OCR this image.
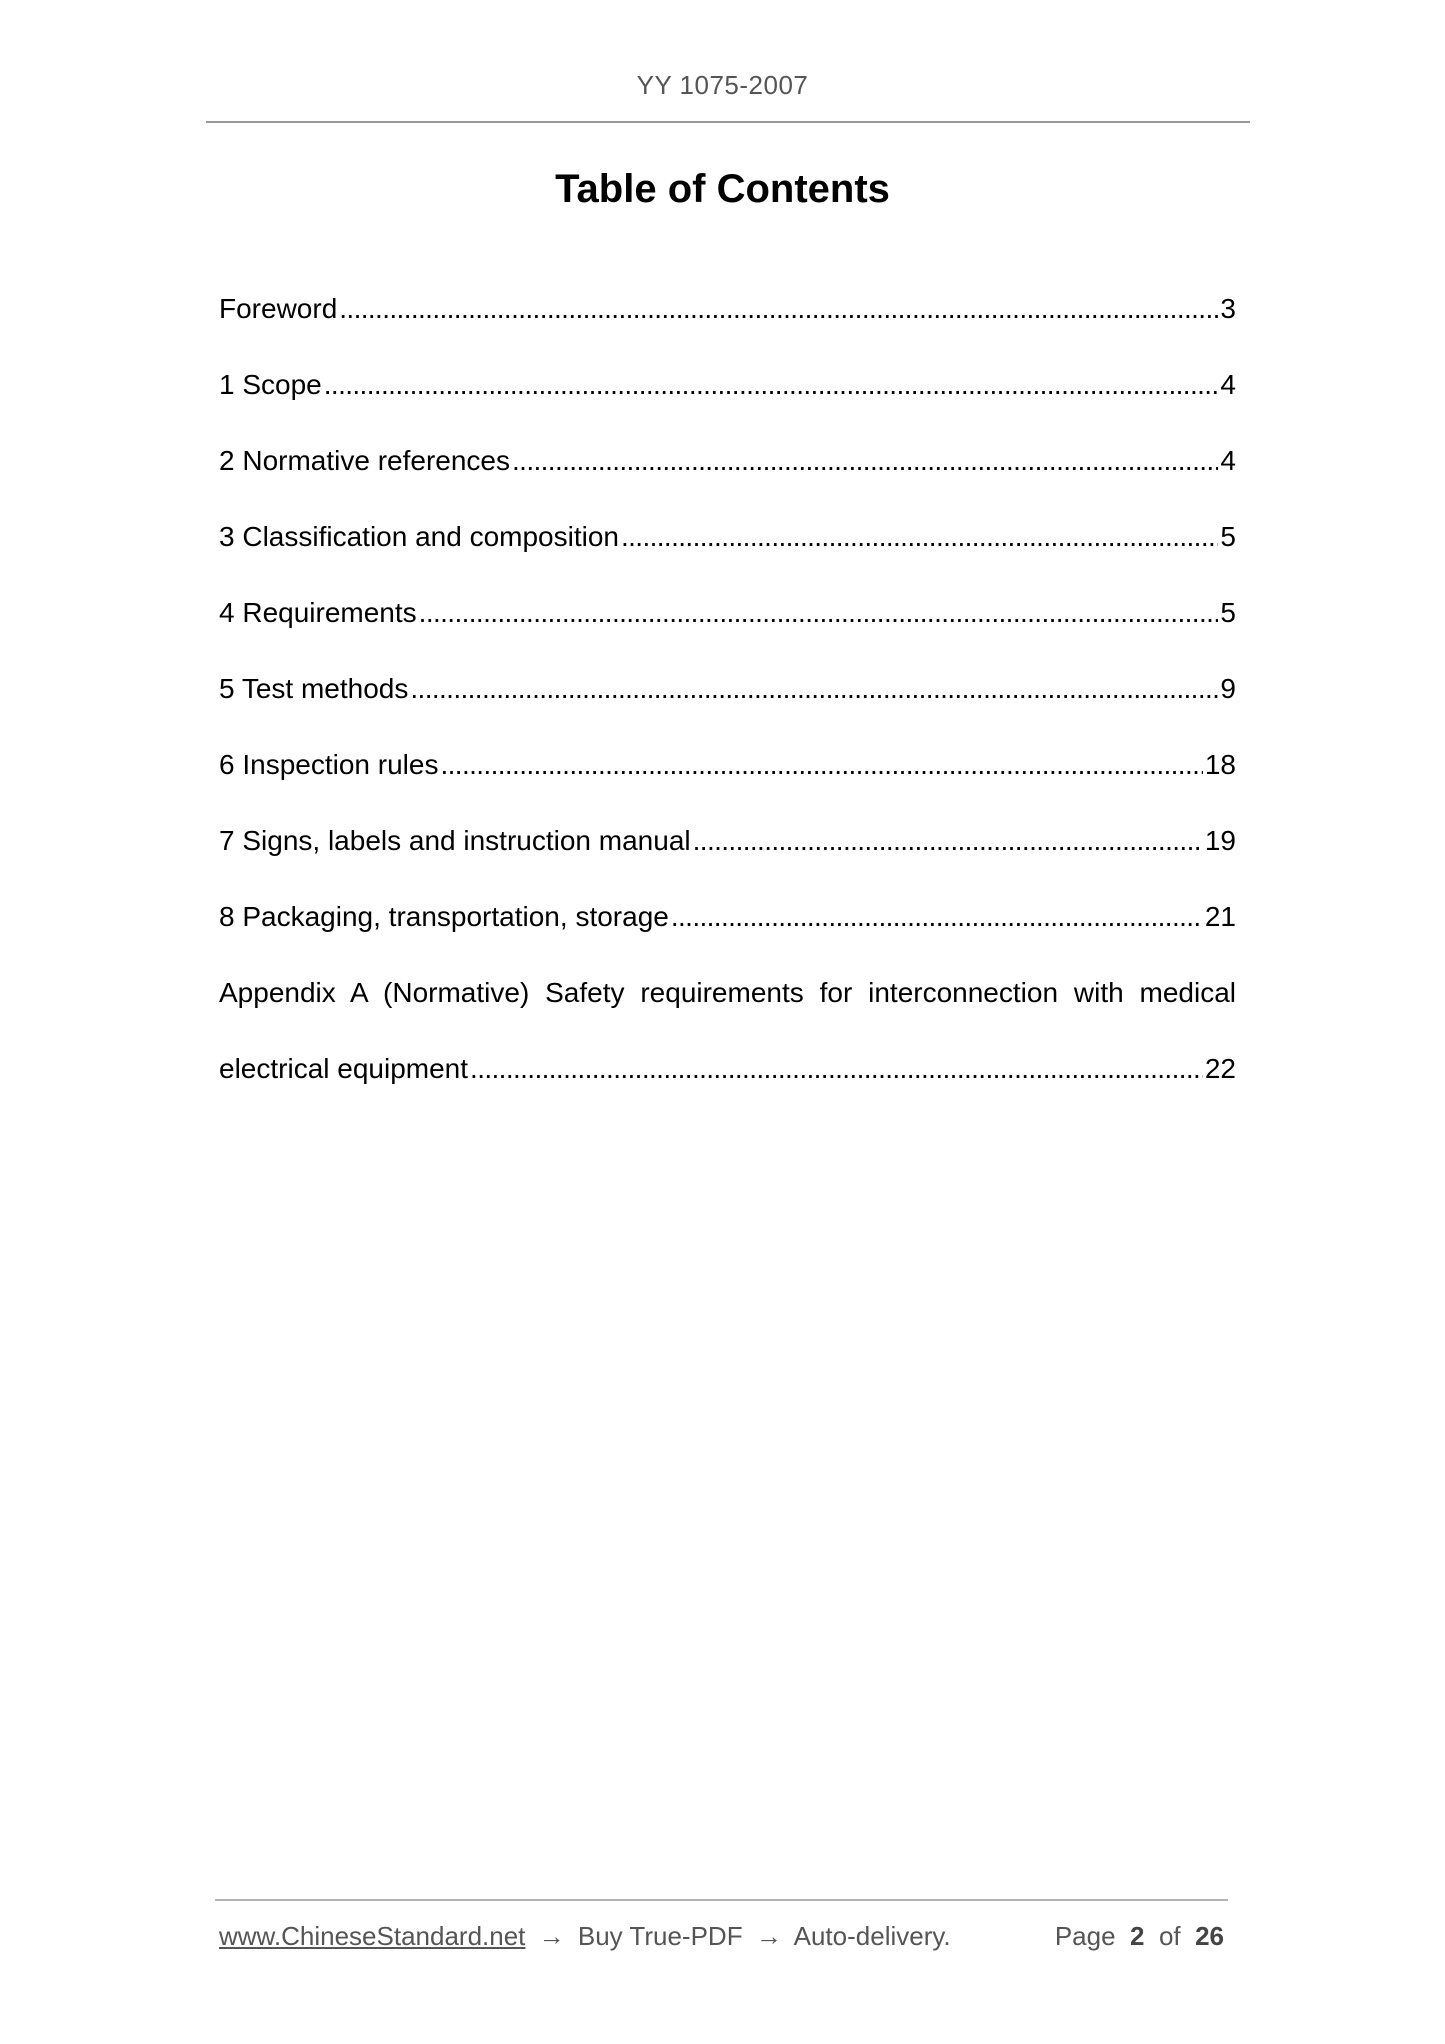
YY 1075-2007
Table of Contents
Foreword . . .	3
1 Scope . . .	4
2 Normative references . . .	4
3 Classification and composition . . .	5
4 Requirements . . .	5
5 Test methods . . .	9
6 Inspection rules . . .	18
7 Signs, labels and instruction manual . . .	19
8 Packaging, transportation, storage . . .	21
Appendix A (Normative) Safety requirements for interconnection with medical
electrical equipment . . .	22
www.ChineseStandard.net → Buy True-PDF → Auto-delivery.	Page 2 of 26
